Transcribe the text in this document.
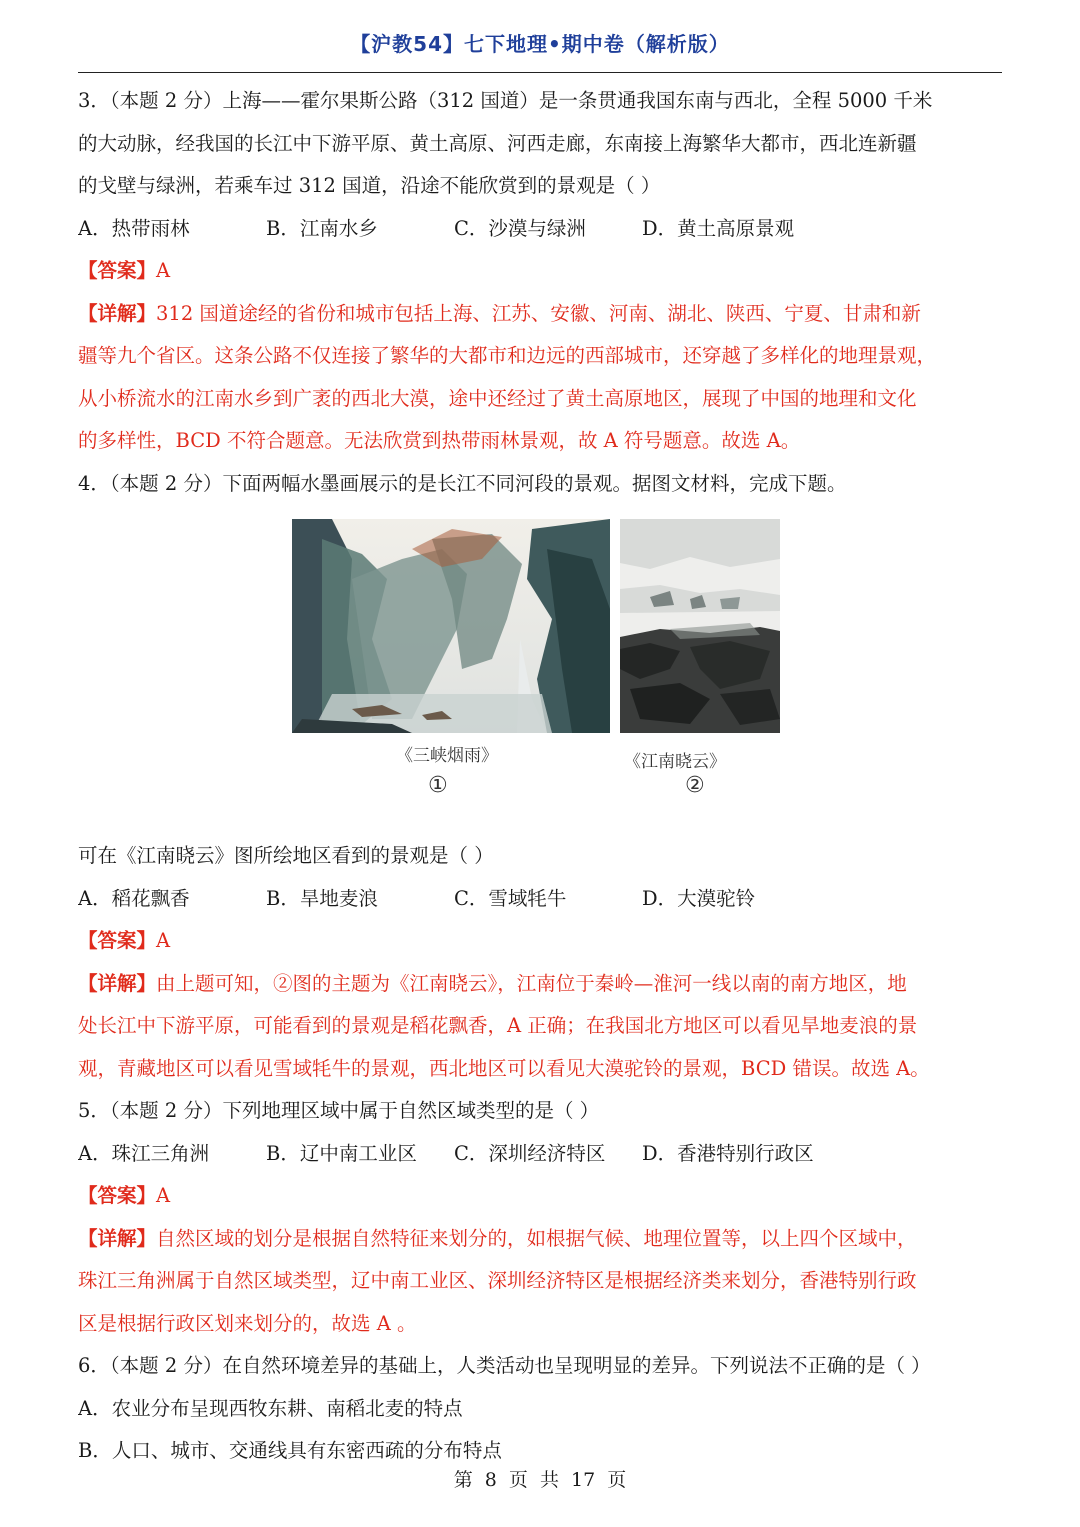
【沪教54】七下地理•期中卷（解析版）
3．（本题 2 分）上海——霍尔果斯公路（312 国道）是一条贯通我国东南与西北，全程 5000 千米
的大动脉，经我国的长江中下游平原、黄土高原、河西走廊，东南接上海繁华大都市，西北连新疆
的戈壁与绿洲，若乘车过 312 国道，沿途不能欣赏到的景观是（ ）
A．热带雨林	B．江南水乡	C．沙漠与绿洲	D．黄土高原景观
【答案】A
【详解】312 国道途经的省份和城市包括上海、江苏、安徽、河南、湖北、陕西、宁夏、甘肃和新
疆等九个省区。这条公路不仅连接了繁华的大都市和边远的西部城市，还穿越了多样化的地理景观，
从小桥流水的江南水乡到广袤的西北大漠，途中还经过了黄土高原地区，展现了中国的地理和文化
的多样性，BCD 不符合题意。无法欣赏到热带雨林景观，故 A 符号题意。故选 A。
4．（本题 2 分）下面两幅水墨画展示的是长江不同河段的景观。据图文材料，完成下题。
《三峡烟雨》	《江南晓云》
①	②
可在《江南晓云》图所绘地区看到的景观是（ ）
A．稻花飘香	B．旱地麦浪	C．雪域牦牛	D．大漠驼铃
【答案】A
【详解】由上题可知，②图的主题为《江南晓云》，江南位于秦岭—淮河一线以南的南方地区，地
处长江中下游平原，可能看到的景观是稻花飘香，A 正确；在我国北方地区可以看见旱地麦浪的景
观，青藏地区可以看见雪域牦牛的景观，西北地区可以看见大漠驼铃的景观，BCD 错误。故选 A。
5．（本题 2 分）下列地理区域中属于自然区域类型的是（ ）
A．珠江三角洲	B．辽中南工业区	C．深圳经济特区	D．香港特别行政区
【答案】A
【详解】自然区域的划分是根据自然特征来划分的，如根据气候、地理位置等，以上四个区域中，
珠江三角洲属于自然区域类型，辽中南工业区、深圳经济特区是根据经济类来划分，香港特别行政
区是根据行政区划来划分的，故选 A 。
6．（本题 2 分）在自然环境差异的基础上，人类活动也呈现明显的差异。下列说法不正确的是（ ）
A．农业分布呈现西牧东耕、南稻北麦的特点
B．人口、城市、交通线具有东密西疏的分布特点
第 8 页 共 17 页
